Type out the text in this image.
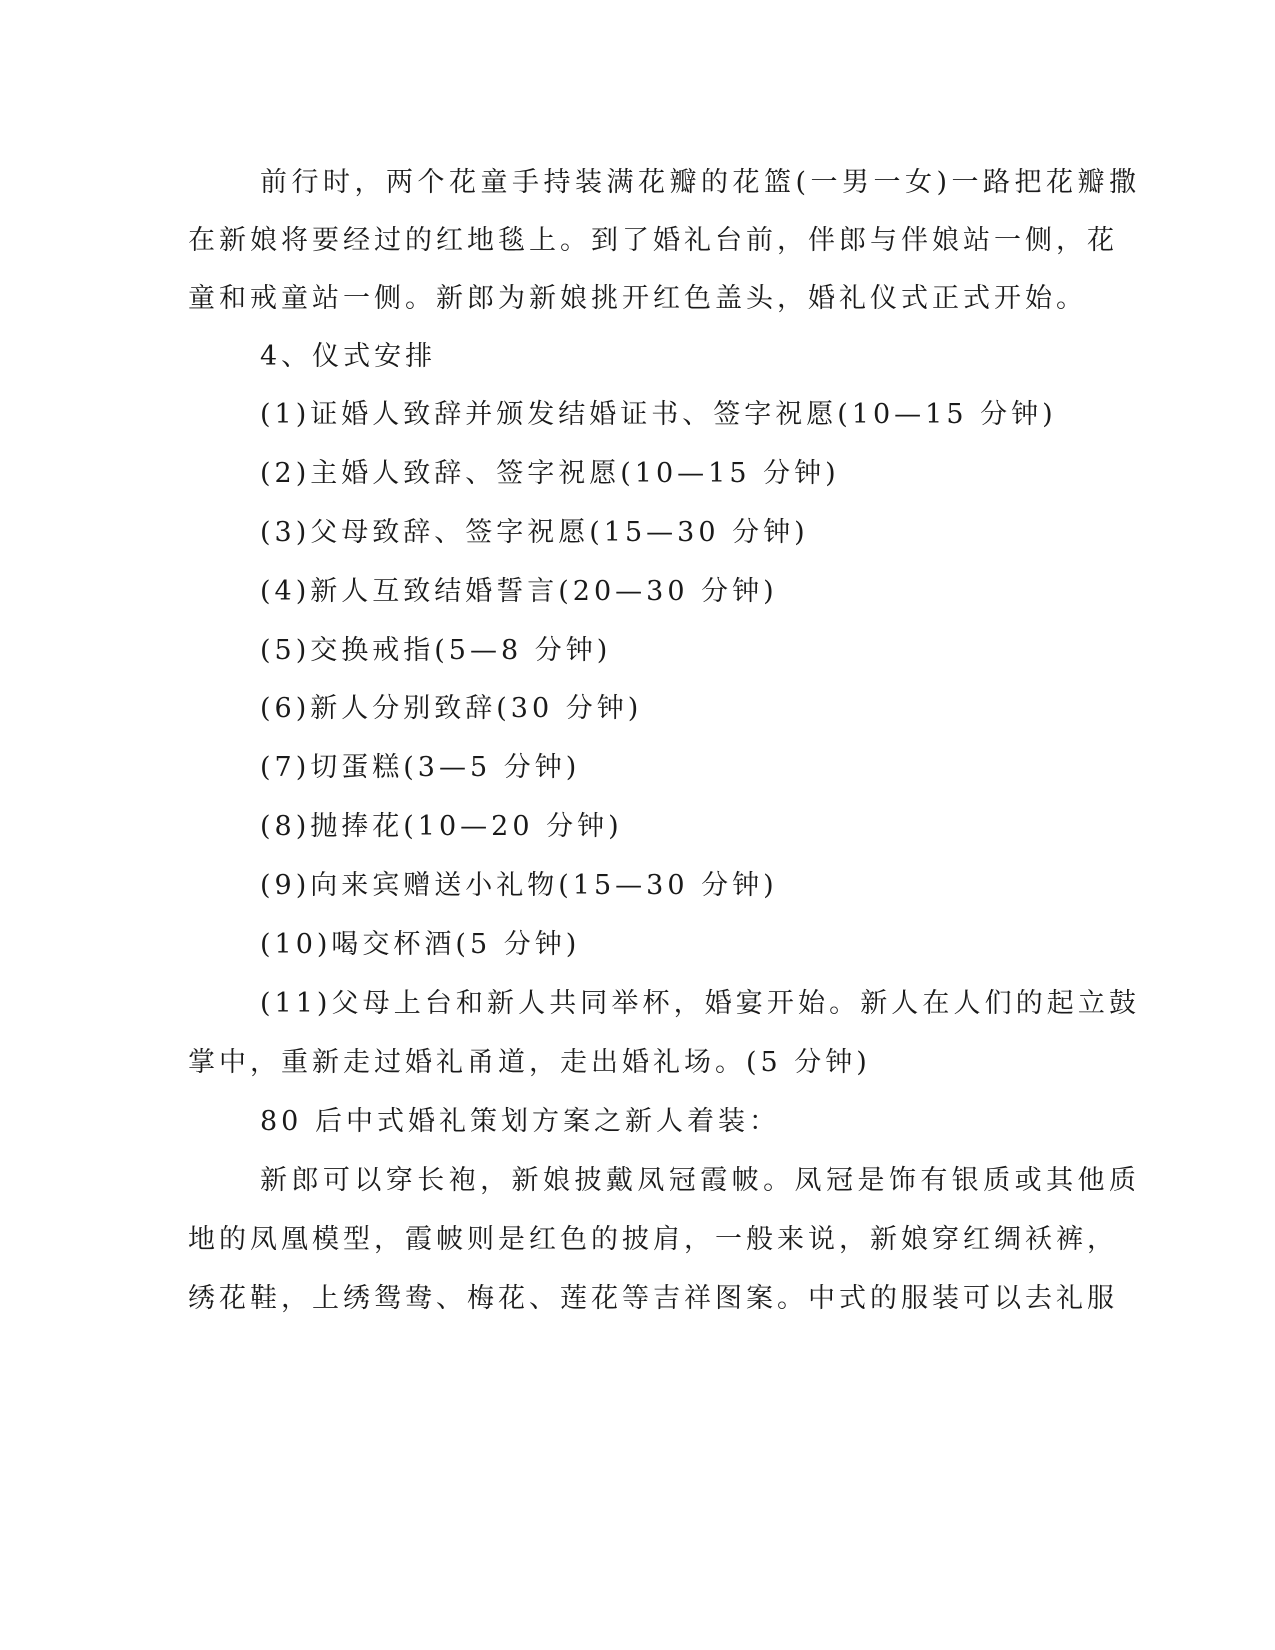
前行时，两个花童手持装满花瓣的花篮(一男一女)一路把花瓣撒
在新娘将要经过的红地毯上。到了婚礼台前，伴郎与伴娘站一侧，花
童和戒童站一侧。新郎为新娘挑开红色盖头，婚礼仪式正式开始。
4、仪式安排
(1)证婚人致辞并颁发结婚证书、签字祝愿(10—15 分钟)
(2)主婚人致辞、签字祝愿(10—15 分钟)
(3)父母致辞、签字祝愿(15—30 分钟)
(4)新人互致结婚誓言(20—30 分钟)
(5)交换戒指(5—8 分钟)
(6)新人分别致辞(30 分钟)
(7)切蛋糕(3—5 分钟)
(8)抛捧花(10—20 分钟)
(9)向来宾赠送小礼物(15—30 分钟)
(10)喝交杯酒(5 分钟)
(11)父母上台和新人共同举杯，婚宴开始。新人在人们的起立鼓
掌中，重新走过婚礼甬道，走出婚礼场。(5 分钟)
80 后中式婚礼策划方案之新人着装：
新郎可以穿长袍，新娘披戴凤冠霞帔。凤冠是饰有银质或其他质
地的凤凰模型，霞帔则是红色的披肩，一般来说，新娘穿红绸袄裤，
绣花鞋，上绣鸳鸯、梅花、莲花等吉祥图案。中式的服装可以去礼服
